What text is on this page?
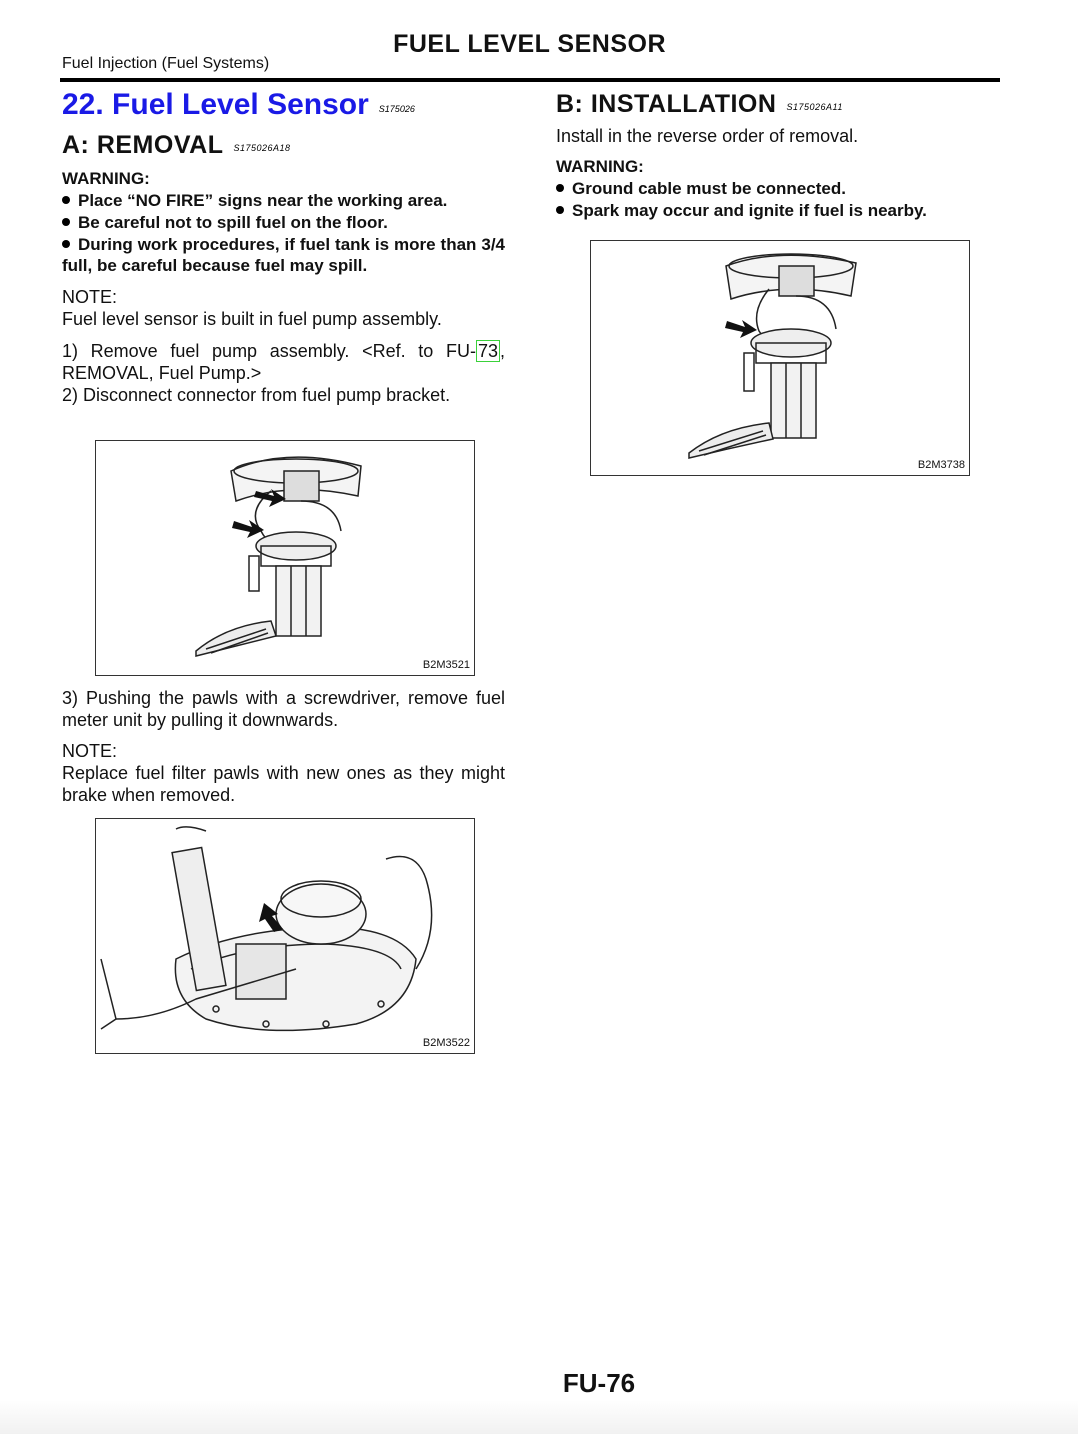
Fuel Injection (Fuel Systems)
FUEL LEVEL SENSOR
22. Fuel Level Sensor S175026
A: REMOVAL S175026A18
WARNING:
Place “NO FIRE” signs near the working area.
Be careful not to spill fuel on the floor.
During work procedures, if fuel tank is more than 3/4 full, be careful because fuel may spill.
NOTE:
Fuel level sensor is built in fuel pump assembly.
1) Remove fuel pump assembly. <Ref. to FU- 73 , REMOVAL, Fuel Pump.>
2) Disconnect connector from fuel pump bracket.
B2M3521
3) Pushing the pawls with a screwdriver, remove fuel meter unit by pulling it downwards.
NOTE:
Replace fuel filter pawls with new ones as they might brake when removed.
B2M3522
B: INSTALLATION S175026A11
Install in the reverse order of removal.
WARNING:
Ground cable must be connected.
Spark may occur and ignite if fuel is nearby.
B2M3738
FU-76
